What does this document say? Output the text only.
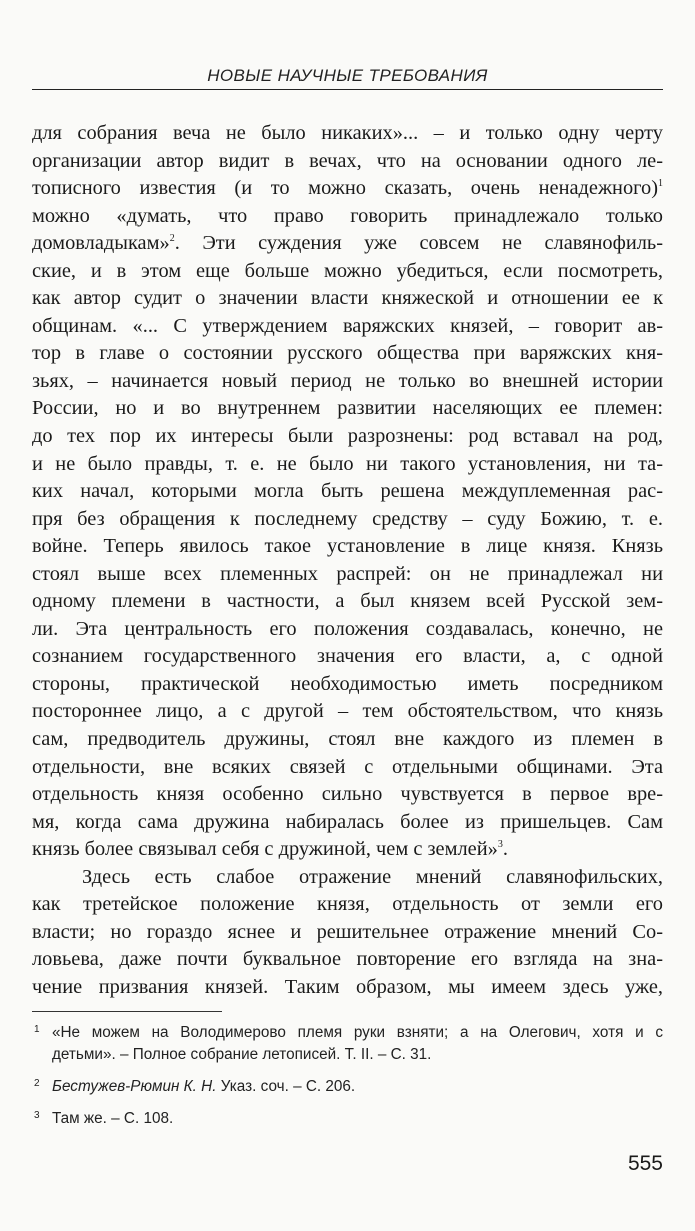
НОВЫЕ НАУЧНЫЕ ТРЕБОВАНИЯ
для собрания веча не было никаких»... – и только одну черту
организации автор видит в вечах, что на основании одного ле-
тописного известия (и то можно сказать, очень ненадежного)$^1$
можно «думать, что право говорить принадлежало только
домовладыкам»$^2$. Эти суждения уже совсем не славянофиль-
ские, и в этом еще больше можно убедиться, если посмотреть,
как автор судит о значении власти княжеской и отношении ее к
общинам. «... С утверждением варяжских князей, – говорит ав-
тор в главе о состоянии русского общества при варяжских кня-
зьях, – начинается новый период не только во внешней истории
России, но и во внутреннем развитии населяющих ее племен:
до тех пор их интересы были разрознены: род вставал на род,
и не было правды, т. е. не было ни такого установления, ни та-
ких начал, которыми могла быть решена междуплеменная рас-
пря без обращения к последнему средству – суду Божию, т. е.
войне. Теперь явилось такое установление в лице князя. Князь
стоял выше всех племенных распрей: он не принадлежал ни
одному племени в частности, а был князем всей Русской зем-
ли. Эта центральность его положения создавалась, конечно, не
сознанием государственного значения его власти, а, с одной
стороны, практической необходимостью иметь посредником
постороннее лицо, а с другой – тем обстоятельством, что князь
сам, предводитель дружины, стоял вне каждого из племен в
отдельности, вне всяких связей с отдельными общинами. Эта
отдельность князя особенно сильно чувствуется в первое вре-
мя, когда сама дружина набиралась более из пришельцев. Сам
князь более связывал себя с дружиной, чем с землей»$^3$.
Здесь есть слабое отражение мнений славянофильских,
как третейское положение князя, отдельность от земли его
власти; но гораздо яснее и решительнее отражение мнений Со-
ловьева, даже почти буквальное повторение его взгляда на зна-
чение призвания князей. Таким образом, мы имеем здесь уже,
1 «Не можем на Володимерово племя руки взняти; а на Олегович, хотя и с
детьми». – Полное собрание летописей. Т. II. – С. 31.
2 Бестужев-Рюмин К. Н. Указ. соч. – С. 206.
3 Там же. – С. 108.
555
